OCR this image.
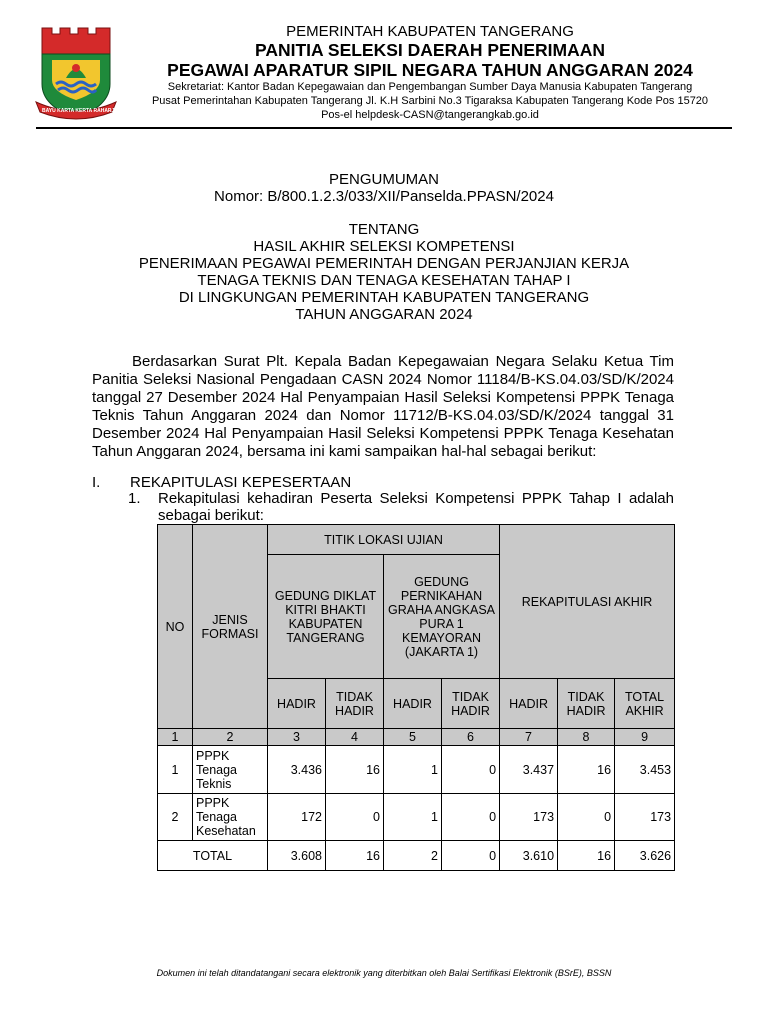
BAYU KARTA KERTA RAHARJA
PEMERINTAH KABUPATEN TANGERANG
PANITIA SELEKSI DAERAH PENERIMAAN
PEGAWAI APARATUR SIPIL NEGARA TAHUN ANGGARAN 2024
Sekretariat: Kantor Badan Kepegawaian dan Pengembangan Sumber Daya Manusia Kabupaten Tangerang
Pusat Pemerintahan Kabupaten Tangerang Jl. K.H Sarbini No.3 Tigaraksa Kabupaten Tangerang Kode Pos 15720
Pos-el helpdesk-CASN@tangerangkab.go.id
PENGUMUMAN
Nomor: B/800.1.2.3/033/XII/Panselda.PPASN/2024
TENTANG
HASIL AKHIR SELEKSI KOMPETENSI
PENERIMAAN PEGAWAI PEMERINTAH DENGAN PERJANJIAN KERJA
TENAGA TEKNIS DAN TENAGA KESEHATAN TAHAP I
DI LINGKUNGAN PEMERINTAH KABUPATEN TANGERANG
TAHUN ANGGARAN 2024
Berdasarkan Surat Plt. Kepala Badan Kepegawaian Negara Selaku Ketua Tim Panitia Seleksi Nasional Pengadaan CASN 2024 Nomor 11184/B-KS.04.03/SD/K/2024 tanggal 27 Desember 2024 Hal Penyampaian Hasil Seleksi Kompetensi PPPK Tenaga Teknis Tahun Anggaran 2024 dan Nomor 11712/B-KS.04.03/SD/K/2024 tanggal 31 Desember 2024 Hal Penyampaian Hasil Seleksi Kompetensi PPPK Tenaga Kesehatan Tahun Anggaran 2024, bersama ini kami sampaikan hal-hal sebagai berikut:
I. REKAPITULASI KEPESERTAAN
1. Rekapitulasi kehadiran Peserta Seleksi Kompetensi PPPK Tahap I adalah sebagai berikut:
NO	JENIS FORMASI	TITIK LOKASI UJIAN				REKAPITULASI AKHIR		
		GEDUNG DIKLAT KITRI BHAKTI KABUPATEN TANGERANG		GEDUNG PERNIKAHAN GRAHA ANGKASA PURA 1 KEMAYORAN (JAKARTA 1)				
		HADIR	TIDAK HADIR	HADIR	TIDAK HADIR	HADIR	TIDAK HADIR	TOTAL AKHIR
1	2	3	4	5	6	7	8	9
1	PPPK Tenaga Teknis	3.436	16	1	0	3.437	16	3.453
2	PPPK Tenaga Kesehatan	172	0	1	0	173	0	173
TOTAL		3.608	16	2	0	3.610	16	3.626
Dokumen ini telah ditandatangani secara elektronik yang diterbitkan oleh Balai Sertifikasi Elektronik (BSrE), BSSN
